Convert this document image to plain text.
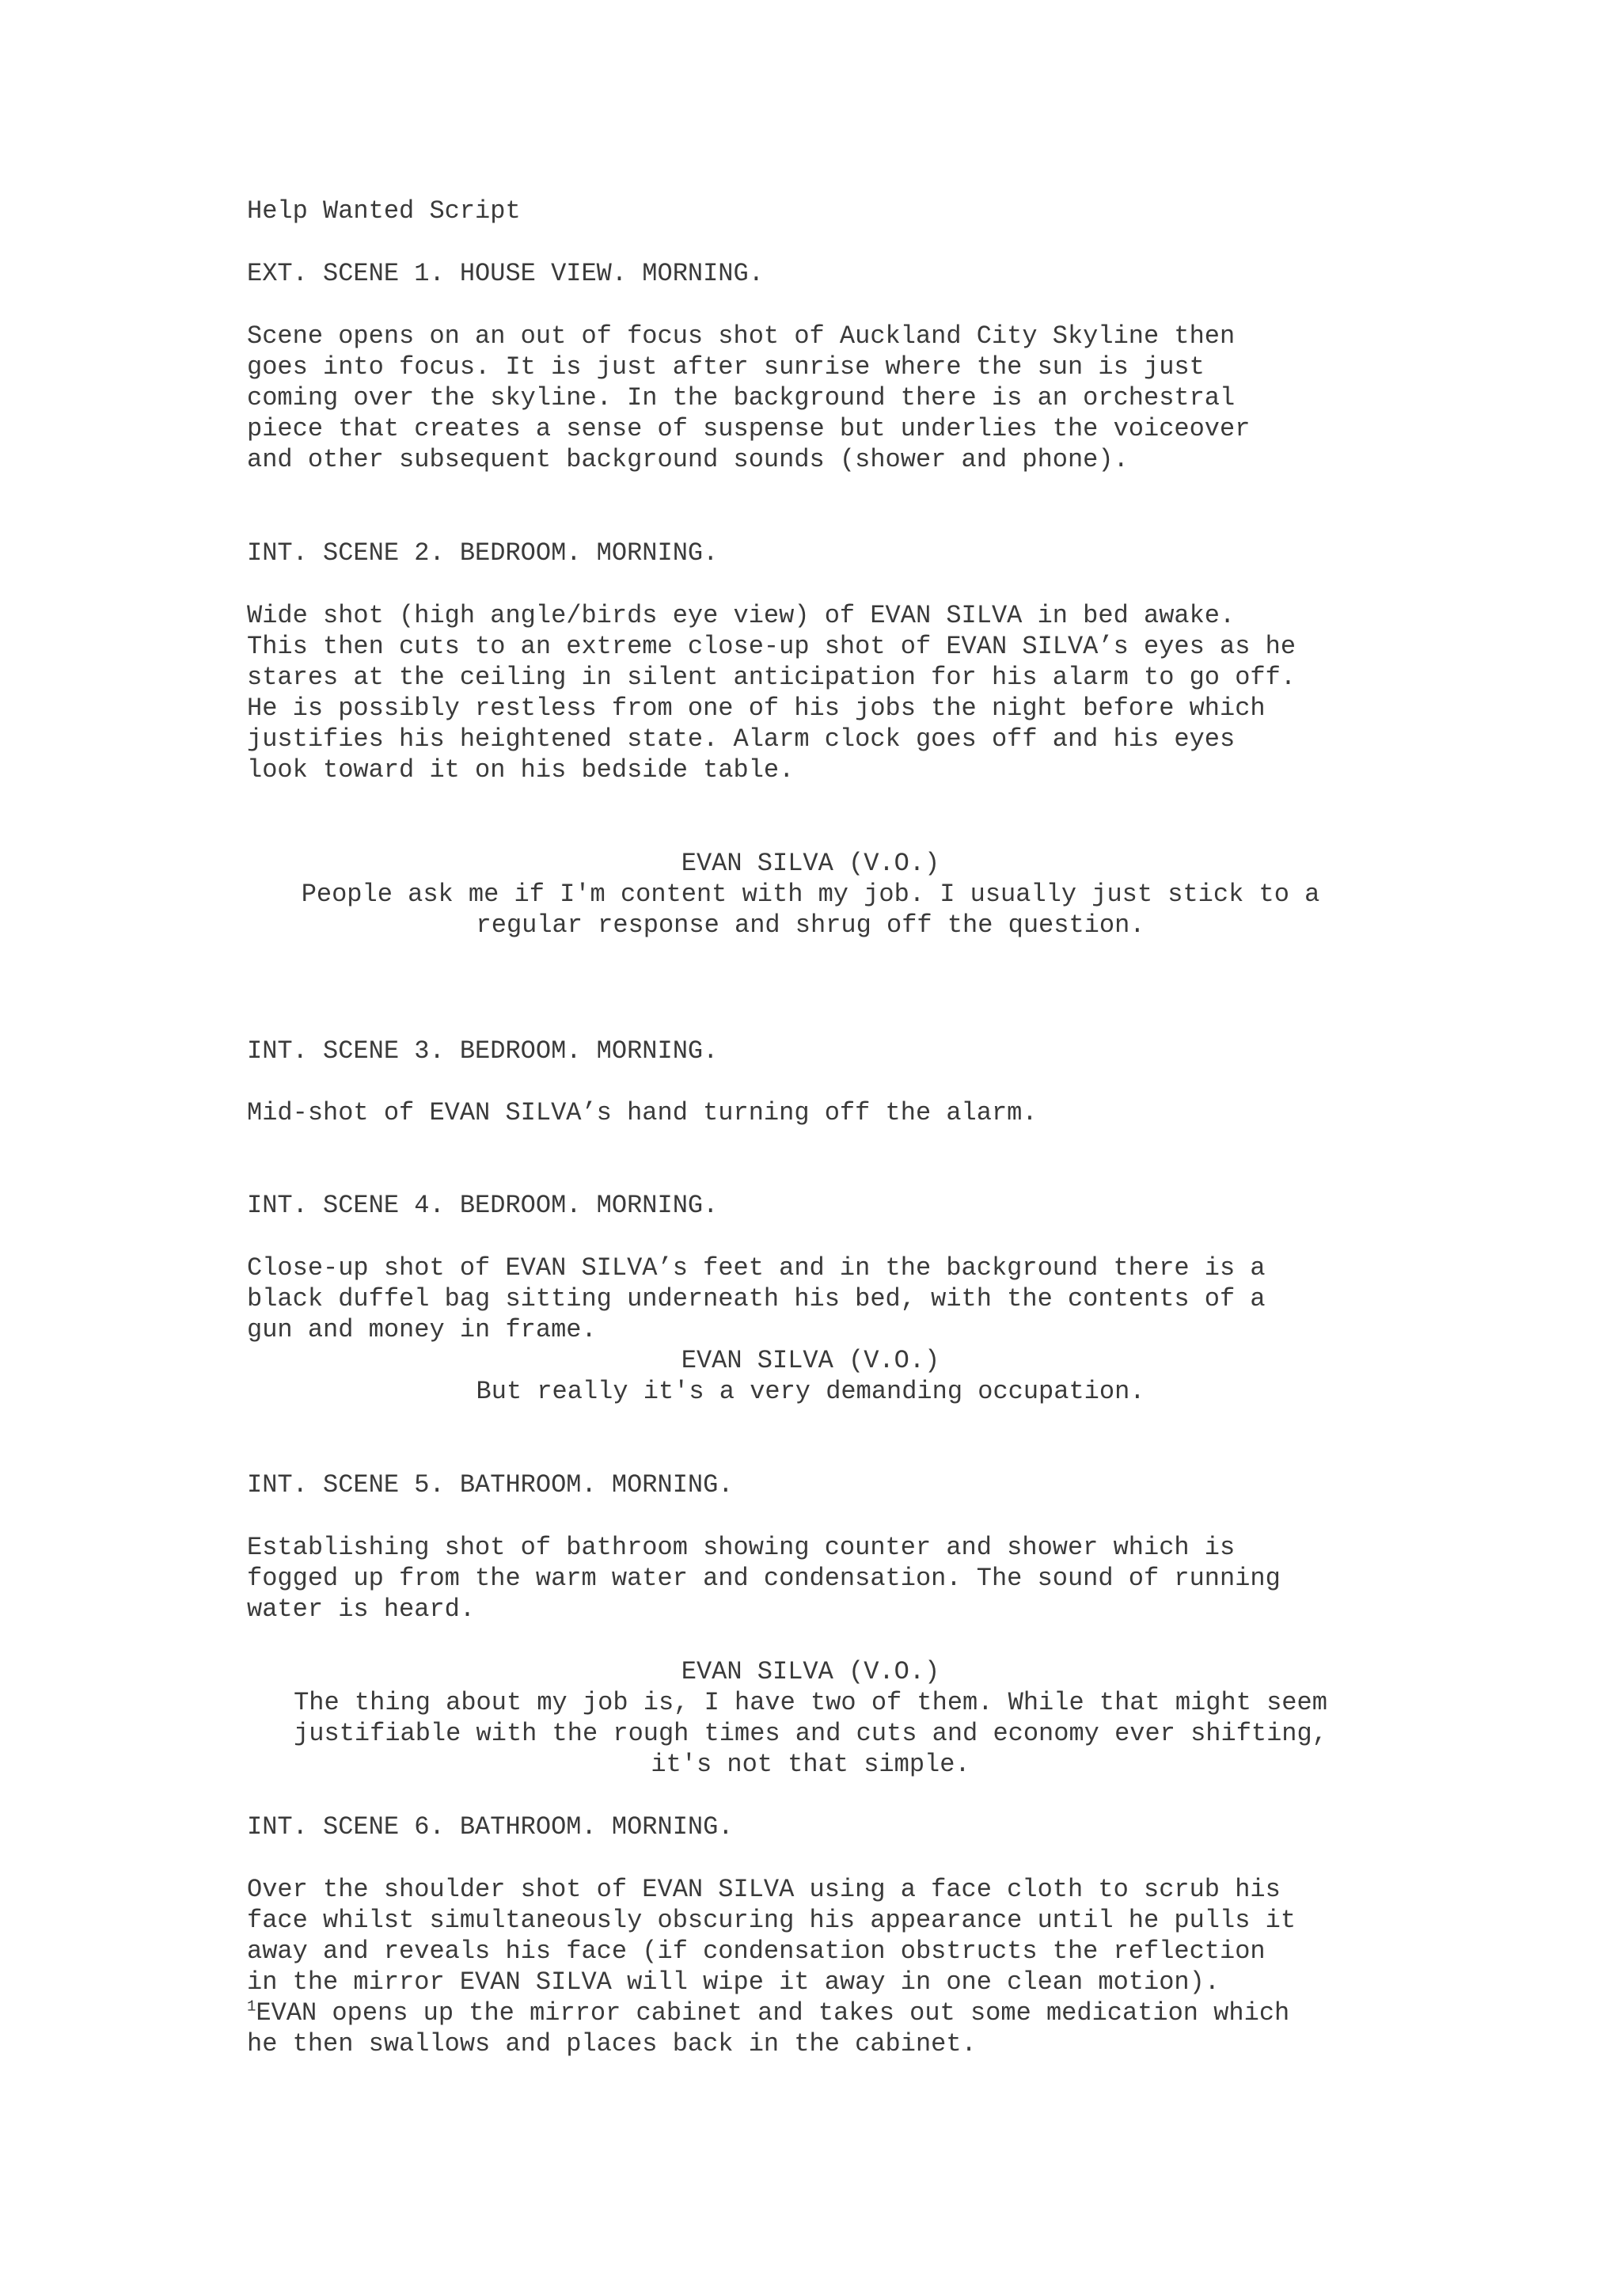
Help Wanted Script
EXT. SCENE 1. HOUSE VIEW. MORNING.
Scene opens on an out of focus shot of Auckland City Skyline then
goes into focus. It is just after sunrise where the sun is just
coming over the skyline. In the background there is an orchestral
piece that creates a sense of suspense but underlies the voiceover
and other subsequent background sounds (shower and phone).
INT. SCENE 2. BEDROOM. MORNING.
Wide shot (high angle/birds eye view) of EVAN SILVA in bed awake.
This then cuts to an extreme close-up shot of EVAN SILVA’s eyes as he
stares at the ceiling in silent anticipation for his alarm to go off.
He is possibly restless from one of his jobs the night before which
justifies his heightened state. Alarm clock goes off and his eyes
look toward it on his bedside table.
EVAN SILVA (V.O.)
People ask me if I'm content with my job. I usually just stick to a
regular response and shrug off the question.
INT. SCENE 3. BEDROOM. MORNING.
Mid-shot of EVAN SILVA’s hand turning off the alarm.
INT. SCENE 4. BEDROOM. MORNING.
Close-up shot of EVAN SILVA’s feet and in the background there is a
black duffel bag sitting underneath his bed, with the contents of a
gun and money in frame.
EVAN SILVA (V.O.)
But really it's a very demanding occupation.
INT. SCENE 5. BATHROOM. MORNING.
Establishing shot of bathroom showing counter and shower which is
fogged up from the warm water and condensation. The sound of running
water is heard.
EVAN SILVA (V.O.)
The thing about my job is, I have two of them. While that might seem
justifiable with the rough times and cuts and economy ever shifting,
it's not that simple.
INT. SCENE 6. BATHROOM. MORNING.
Over the shoulder shot of EVAN SILVA using a face cloth to scrub his
face whilst simultaneously obscuring his appearance until he pulls it
away and reveals his face (if condensation obstructs the reflection
in the mirror EVAN SILVA will wipe it away in one clean motion).
$^1$EVAN opens up the mirror cabinet and takes out some medication which
he then swallows and places back in the cabinet.
